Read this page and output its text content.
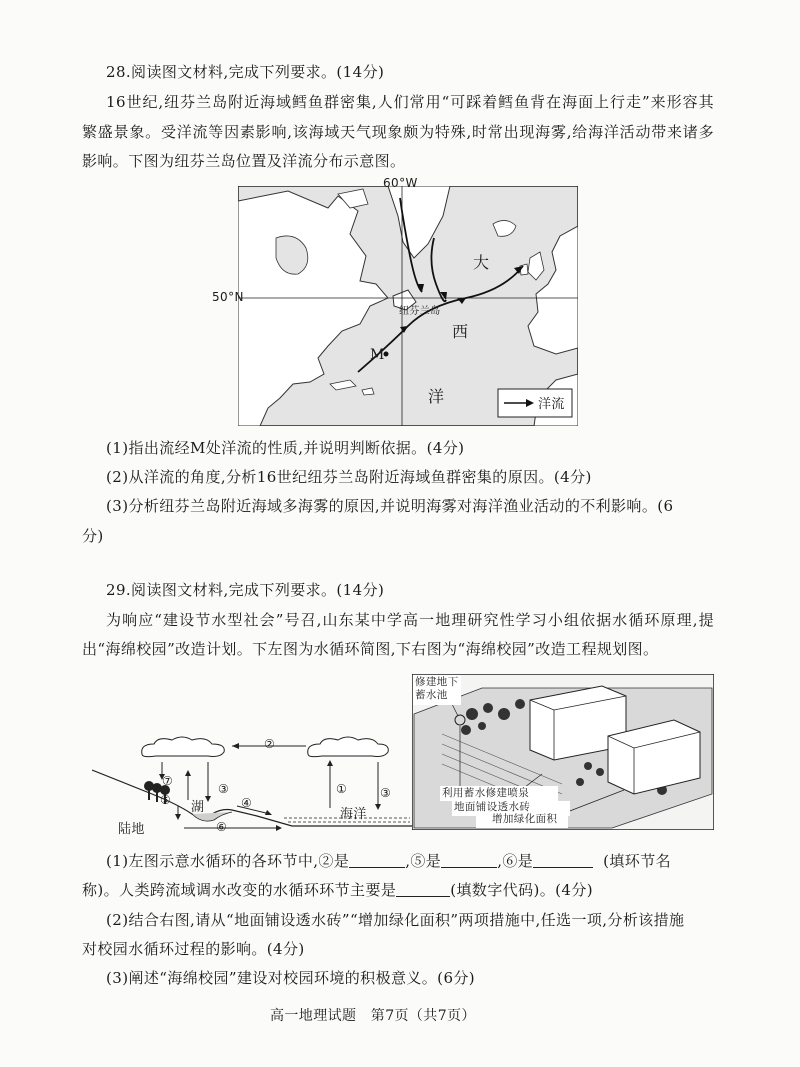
28.阅读图文材料,完成下列要求。(14分)
16世纪,纽芬兰岛附近海域鳕鱼群密集,人们常用“可踩着鳕鱼背在海面上行走”来形容其
繁盛景象。受洋流等因素影响,该海域天气现象颇为特殊,时常出现海雾,给海洋活动带来诸多
影响。下图为纽芬兰岛位置及洋流分布示意图。
60°W
50°N
纽芬兰岛
M
大
西
洋	洋流
(1)指出流经M处洋流的性质,并说明判断依据。(4分)
(2)从洋流的角度,分析16世纪纽芬兰岛附近海域鱼群密集的原因。(4分)
(3)分析纽芬兰岛附近海域多海雾的原因,并说明海雾对海洋渔业活动的不利影响。(6
分)
29.阅读图文材料,完成下列要求。(14分)
为响应“建设节水型社会”号召,山东某中学高一地理研究性学习小组依据水循环原理,提
出“海绵校园”改造计划。下左图为水循环简图,下右图为“海绵校园”改造工程规划图。
②
①
③	③
④
⑤
⑥
⑦
湖
陆地
海洋
修建地下
蓄水池
利用蓄水修建喷泉
地面铺设透水砖
增加绿化面积
(1)左图示意水循环的各环节中,②是	,⑤是	,⑥是	(填环节名
称)。人类跨流域调水改变的水循环环节主要是	(填数字代码)。(4分)
(2)结合右图,请从“地面铺设透水砖”“增加绿化面积”两项措施中,任选一项,分析该措施
对校园水循环过程的影响。(4分)
(3)阐述“海绵校园”建设对校园环境的积极意义。(6分)
高一地理试题　第7页（共7页）
